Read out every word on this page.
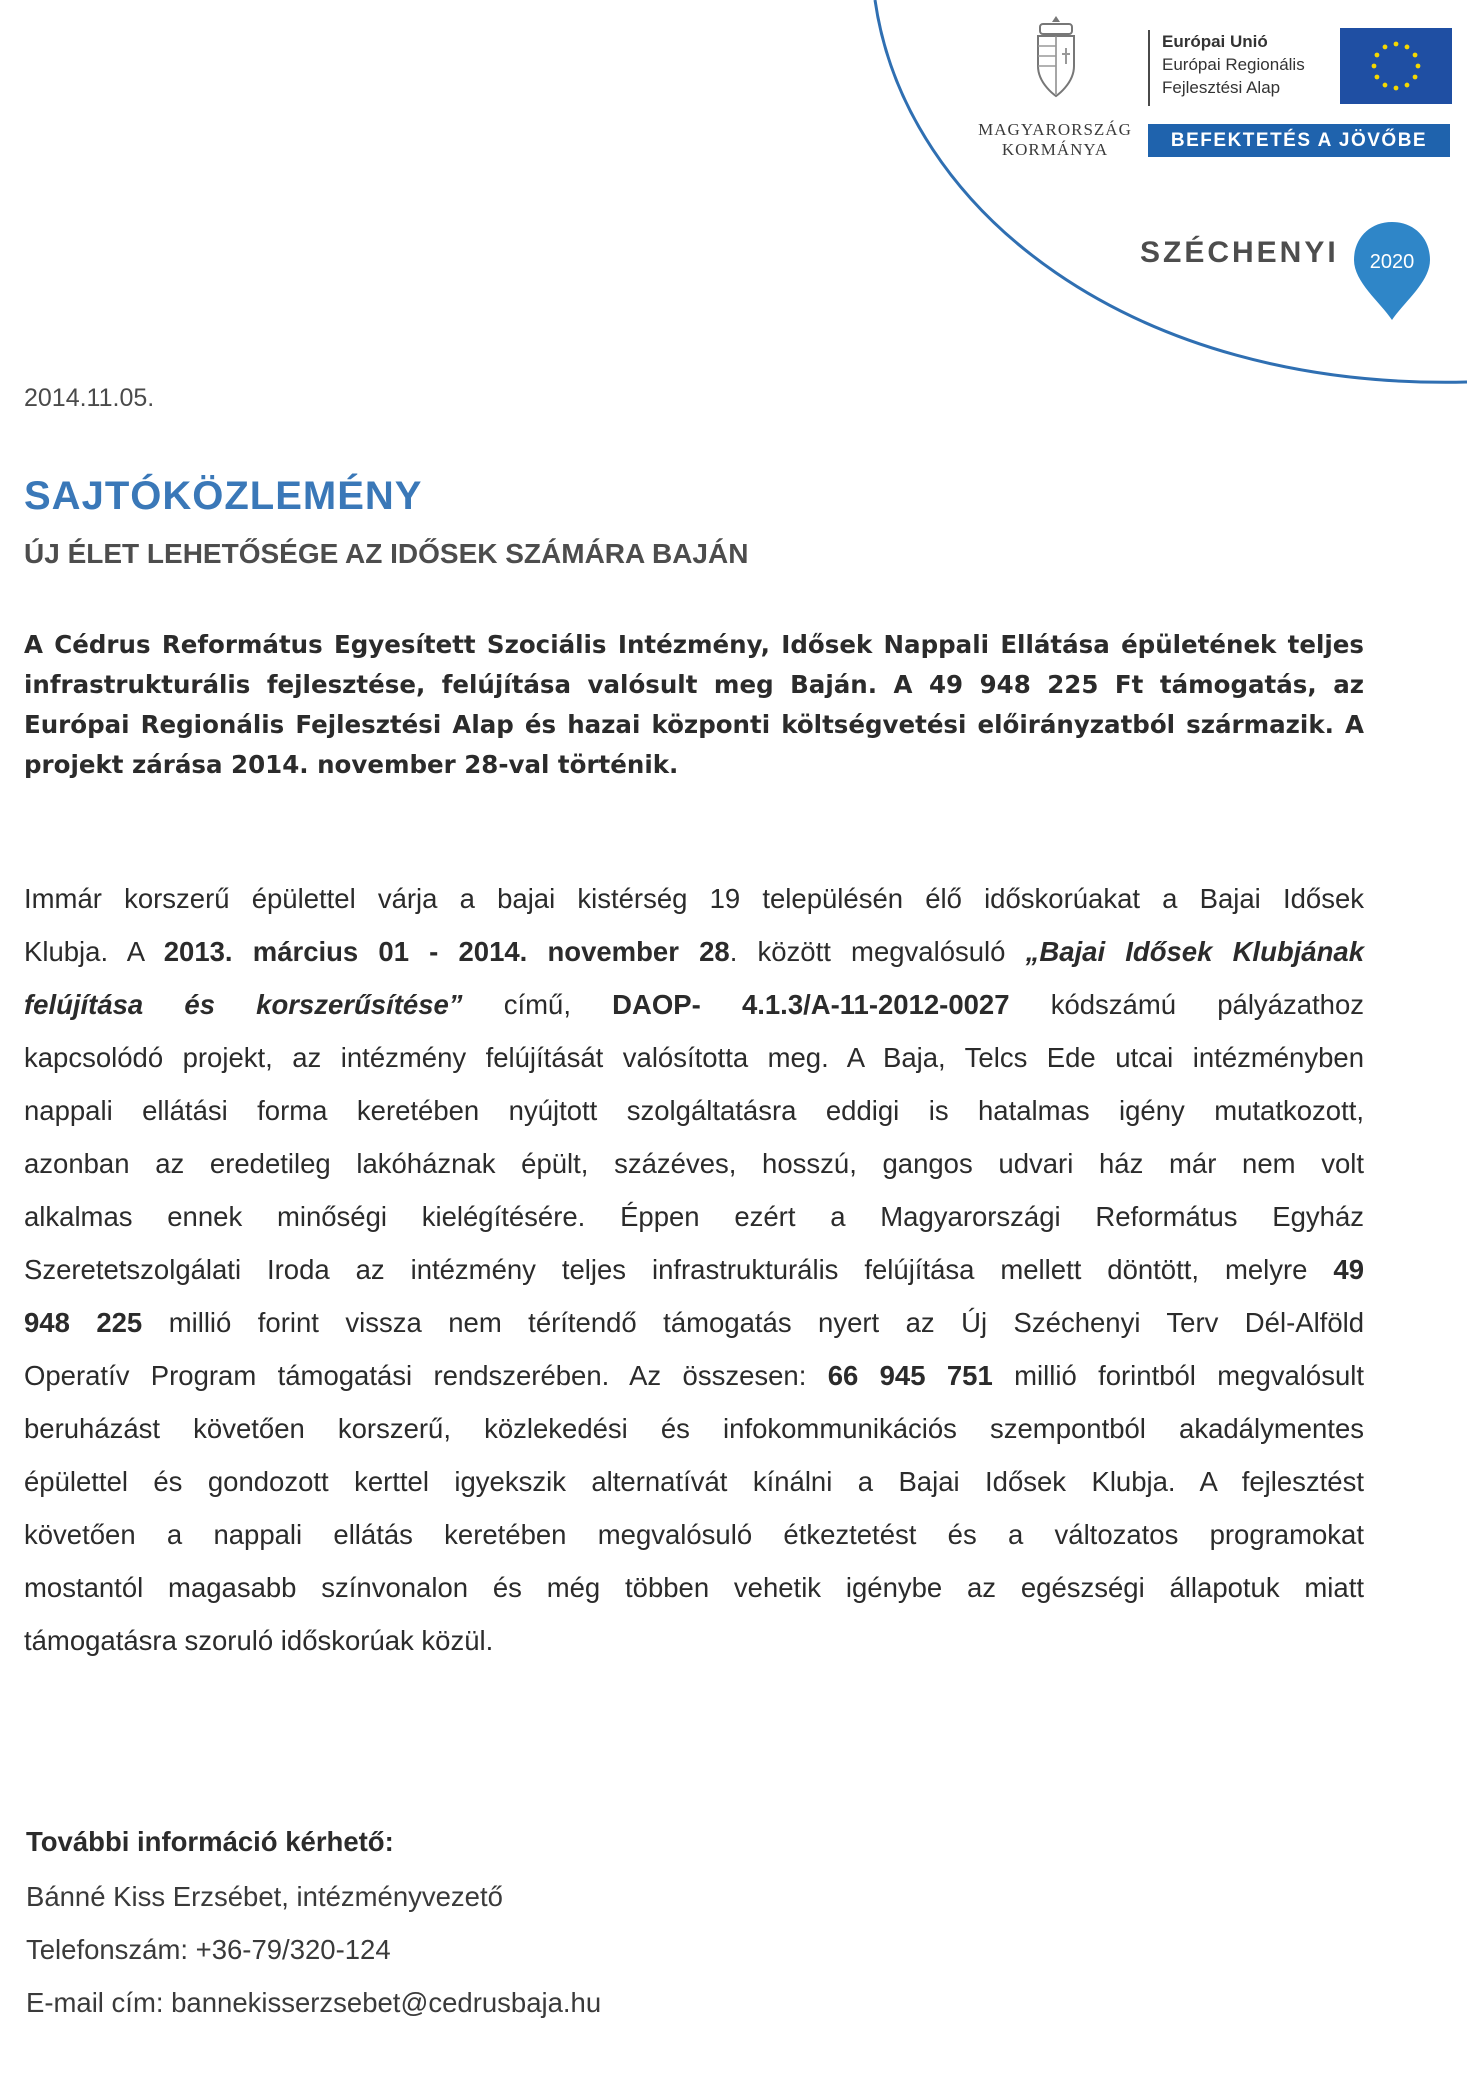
MAGYARORSZÁG
KORMÁNYA
Európai Unió
Európai Regionális
Fejlesztési Alap
BEFEKTETÉS A JÖVŐBE
SZÉCHENYI 2020
2014.11.05.
SAJTÓKÖZLEMÉNY
ÚJ ÉLET LEHETŐSÉGE AZ IDŐSEK SZÁMÁRA BAJÁN
A Cédrus Református Egyesített Szociális Intézmény, Idősek Nappali Ellátása épületének teljes
infrastrukturális fejlesztése, felújítása valósult meg Baján. A 49 948 225 Ft támogatás, az
Európai Regionális Fejlesztési Alap és hazai központi költségvetési előirányzatból származik. A
projekt zárása 2014. november 28-val történik.
Immár korszerű épülettel várja a bajai kistérség 19 településén élő időskorúakat a Bajai Idősek
Klubja. A 2013. március 01 - 2014. november 28. között megvalósuló „Bajai Idősek Klubjának
felújítása és korszerűsítése” című, DAOP- 4.1.3/A-11-2012-0027 kódszámú pályázathoz
kapcsolódó projekt, az intézmény felújítását valósította meg. A Baja, Telcs Ede utcai intézményben
nappali ellátási forma keretében nyújtott szolgáltatásra eddigi is hatalmas igény mutatkozott,
azonban az eredetileg lakóháznak épült, százéves, hosszú, gangos udvari ház már nem volt
alkalmas ennek minőségi kielégítésére. Éppen ezért a Magyarországi Református Egyház
Szeretetszolgálati Iroda az intézmény teljes infrastrukturális felújítása mellett döntött, melyre 49
948 225 millió forint vissza nem térítendő támogatás nyert az Új Széchenyi Terv Dél-Alföld
Operatív Program támogatási rendszerében. Az összesen: 66 945 751 millió forintból megvalósult
beruházást követően korszerű, közlekedési és infokommunikációs szempontból akadálymentes
épülettel és gondozott kerttel igyekszik alternatívát kínálni a Bajai Idősek Klubja. A fejlesztést
követően a nappali ellátás keretében megvalósuló étkeztetést és a változatos programokat
mostantól magasabb színvonalon és még többen vehetik igénybe az egészségi állapotuk miatt
támogatásra szoruló időskorúak közül.
További információ kérhető:
Bánné Kiss Erzsébet, intézményvezető
Telefonszám: +36-79/320-124
E-mail cím: bannekisserzsebet@cedrusbaja.hu
